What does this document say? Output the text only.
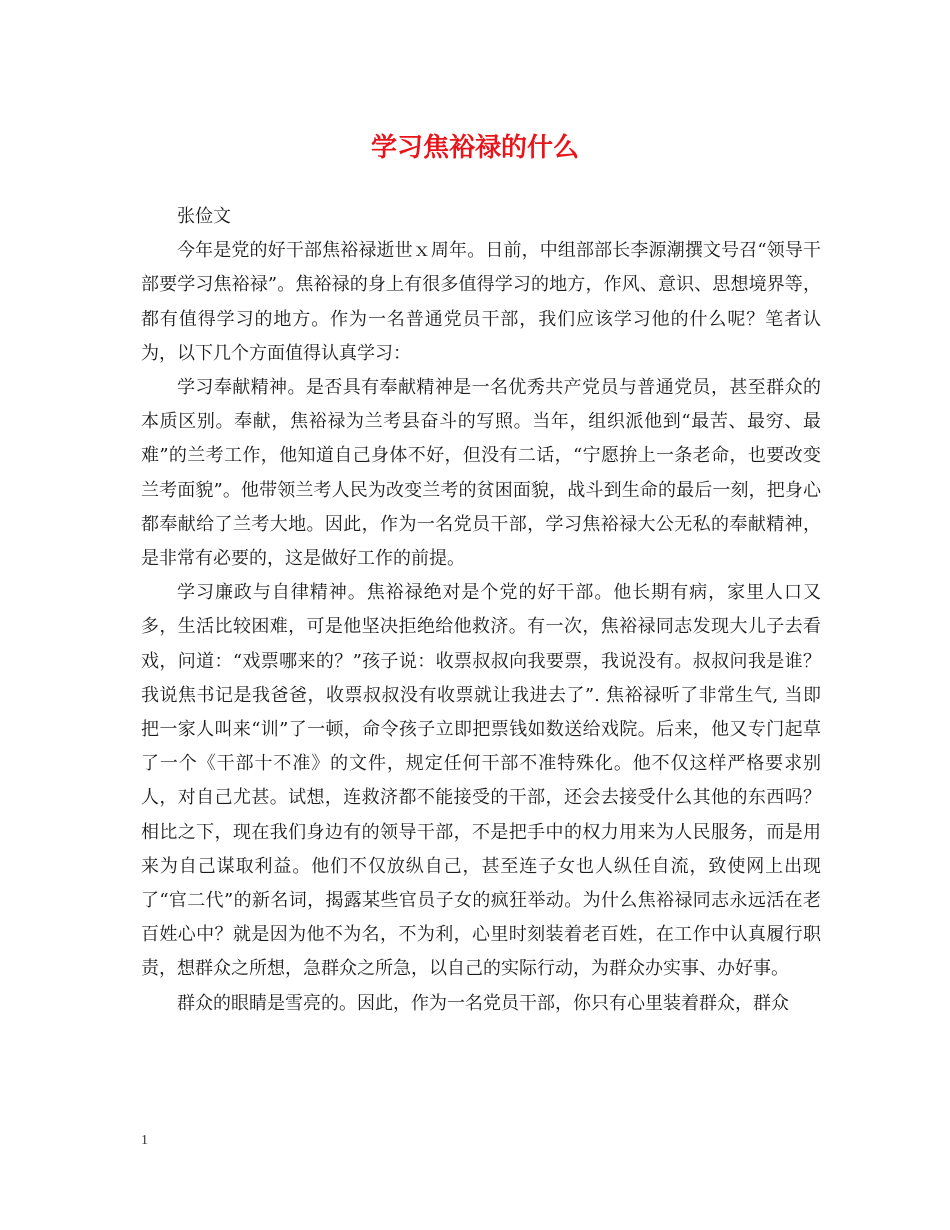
学习焦裕禄的什么

张俭文

今年是党的好干部焦裕禄逝世ｘ周年。日前，中组部部长李源潮撰文号召“领导干部要学习焦裕禄”。焦裕禄的身上有很多值得学习的地方，作风、意识、思想境界等，都有值得学习的地方。作为一名普通党员干部，我们应该学习他的什么呢？笔者认为，以下几个方面值得认真学习：

学习奉献精神。是否具有奉献精神是一名优秀共产党员与普通党员，甚至群众的本质区别。奉献，焦裕禄为兰考县奋斗的写照。当年，组织派他到“最苦、最穷、最难”的兰考工作，他知道自己身体不好，但没有二话，“宁愿拚上一条老命，也要改变兰考面貌”。他带领兰考人民为改变兰考的贫困面貌，战斗到生命的最后一刻，把身心都奉献给了兰考大地。因此，作为一名党员干部，学习焦裕禄大公无私的奉献精神，是非常有必要的，这是做好工作的前提。

学习廉政与自律精神。焦裕禄绝对是个党的好干部。他长期有病，家里人口又多，生活比较困难，可是他坚决拒绝给他救济。有一次，焦裕禄同志发现大儿子去看戏，问道：“戏票哪来的？”孩子说：收票叔叔向我要票，我说没有。叔叔问我是谁？我说焦书记是我爸爸，收票叔叔没有收票就让我进去了”. 焦裕禄听了非常生气, 当即把一家人叫来“训”了一顿，命令孩子立即把票钱如数送给戏院。后来，他又专门起草了一个《干部十不准》的文件，规定任何干部不准特殊化。他不仅这样严格要求别人，对自己尤甚。试想，连救济都不能接受的干部，还会去接受什么其他的东西吗？相比之下，现在我们身边有的领导干部，不是把手中的权力用来为人民服务，而是用来为自己谋取利益。他们不仅放纵自己，甚至连子女也人纵任自流，致使网上出现了“官二代”的新名词，揭露某些官员子女的疯狂举动。为什么焦裕禄同志永远活在老百姓心中？就是因为他不为名，不为利，心里时刻装着老百姓，在工作中认真履行职责，想群众之所想，急群众之所急，以自己的实际行动，为群众办实事、办好事。

群众的眼睛是雪亮的。因此，作为一名党员干部，你只有心里装着群众，群众

1
